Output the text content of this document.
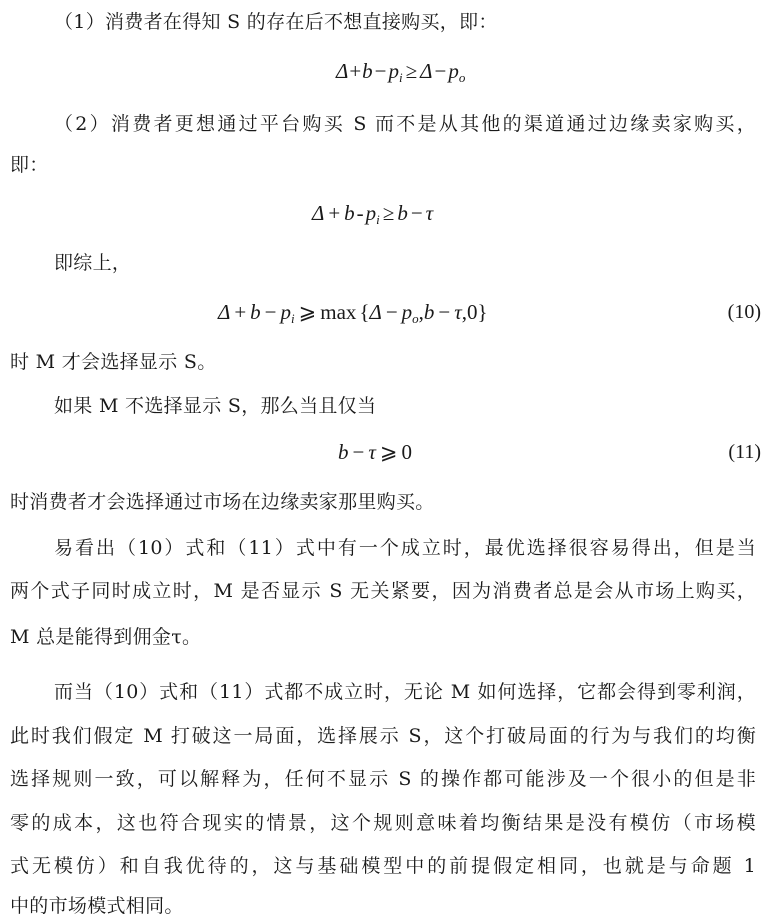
（1）消费者在得知 S 的存在后不想直接购买，即：
$\Delta+b-p_i \ge \Delta-p_o$
（2）消费者更想通过平台购买 S 而不是从其他的渠道通过边缘卖家购买，
即：
$\Delta + b-p_i \ge b - \tau$
即综上，
$\Delta + b - p_i$ ⩾ $\max \{\Delta - p_o,b - \tau,0\}$	(10)
时 M 才会选择显示 S。
如果 M 不选择显示 S，那么当且仅当
b − τ ⩾ 0	(11)
时消费者才会选择通过市场在边缘卖家那里购买。
易看出（10）式和（11）式中有一个成立时，最优选择很容易得出，但是当
两个式子同时成立时，M 是否显示 S 无关紧要，因为消费者总是会从市场上购买，
M 总是能得到佣金τ。
而当（10）式和（11）式都不成立时，无论 M 如何选择，它都会得到零利润，
此时我们假定 M 打破这一局面，选择展示 S，这个打破局面的行为与我们的均衡
选择规则一致，可以解释为，任何不显示 S 的操作都可能涉及一个很小的但是非
零的成本，这也符合现实的情景，这个规则意味着均衡结果是没有模仿（市场模
式无模仿）和自我优待的，这与基础模型中的前提假定相同，也就是与命题 1
中的市场模式相同。
